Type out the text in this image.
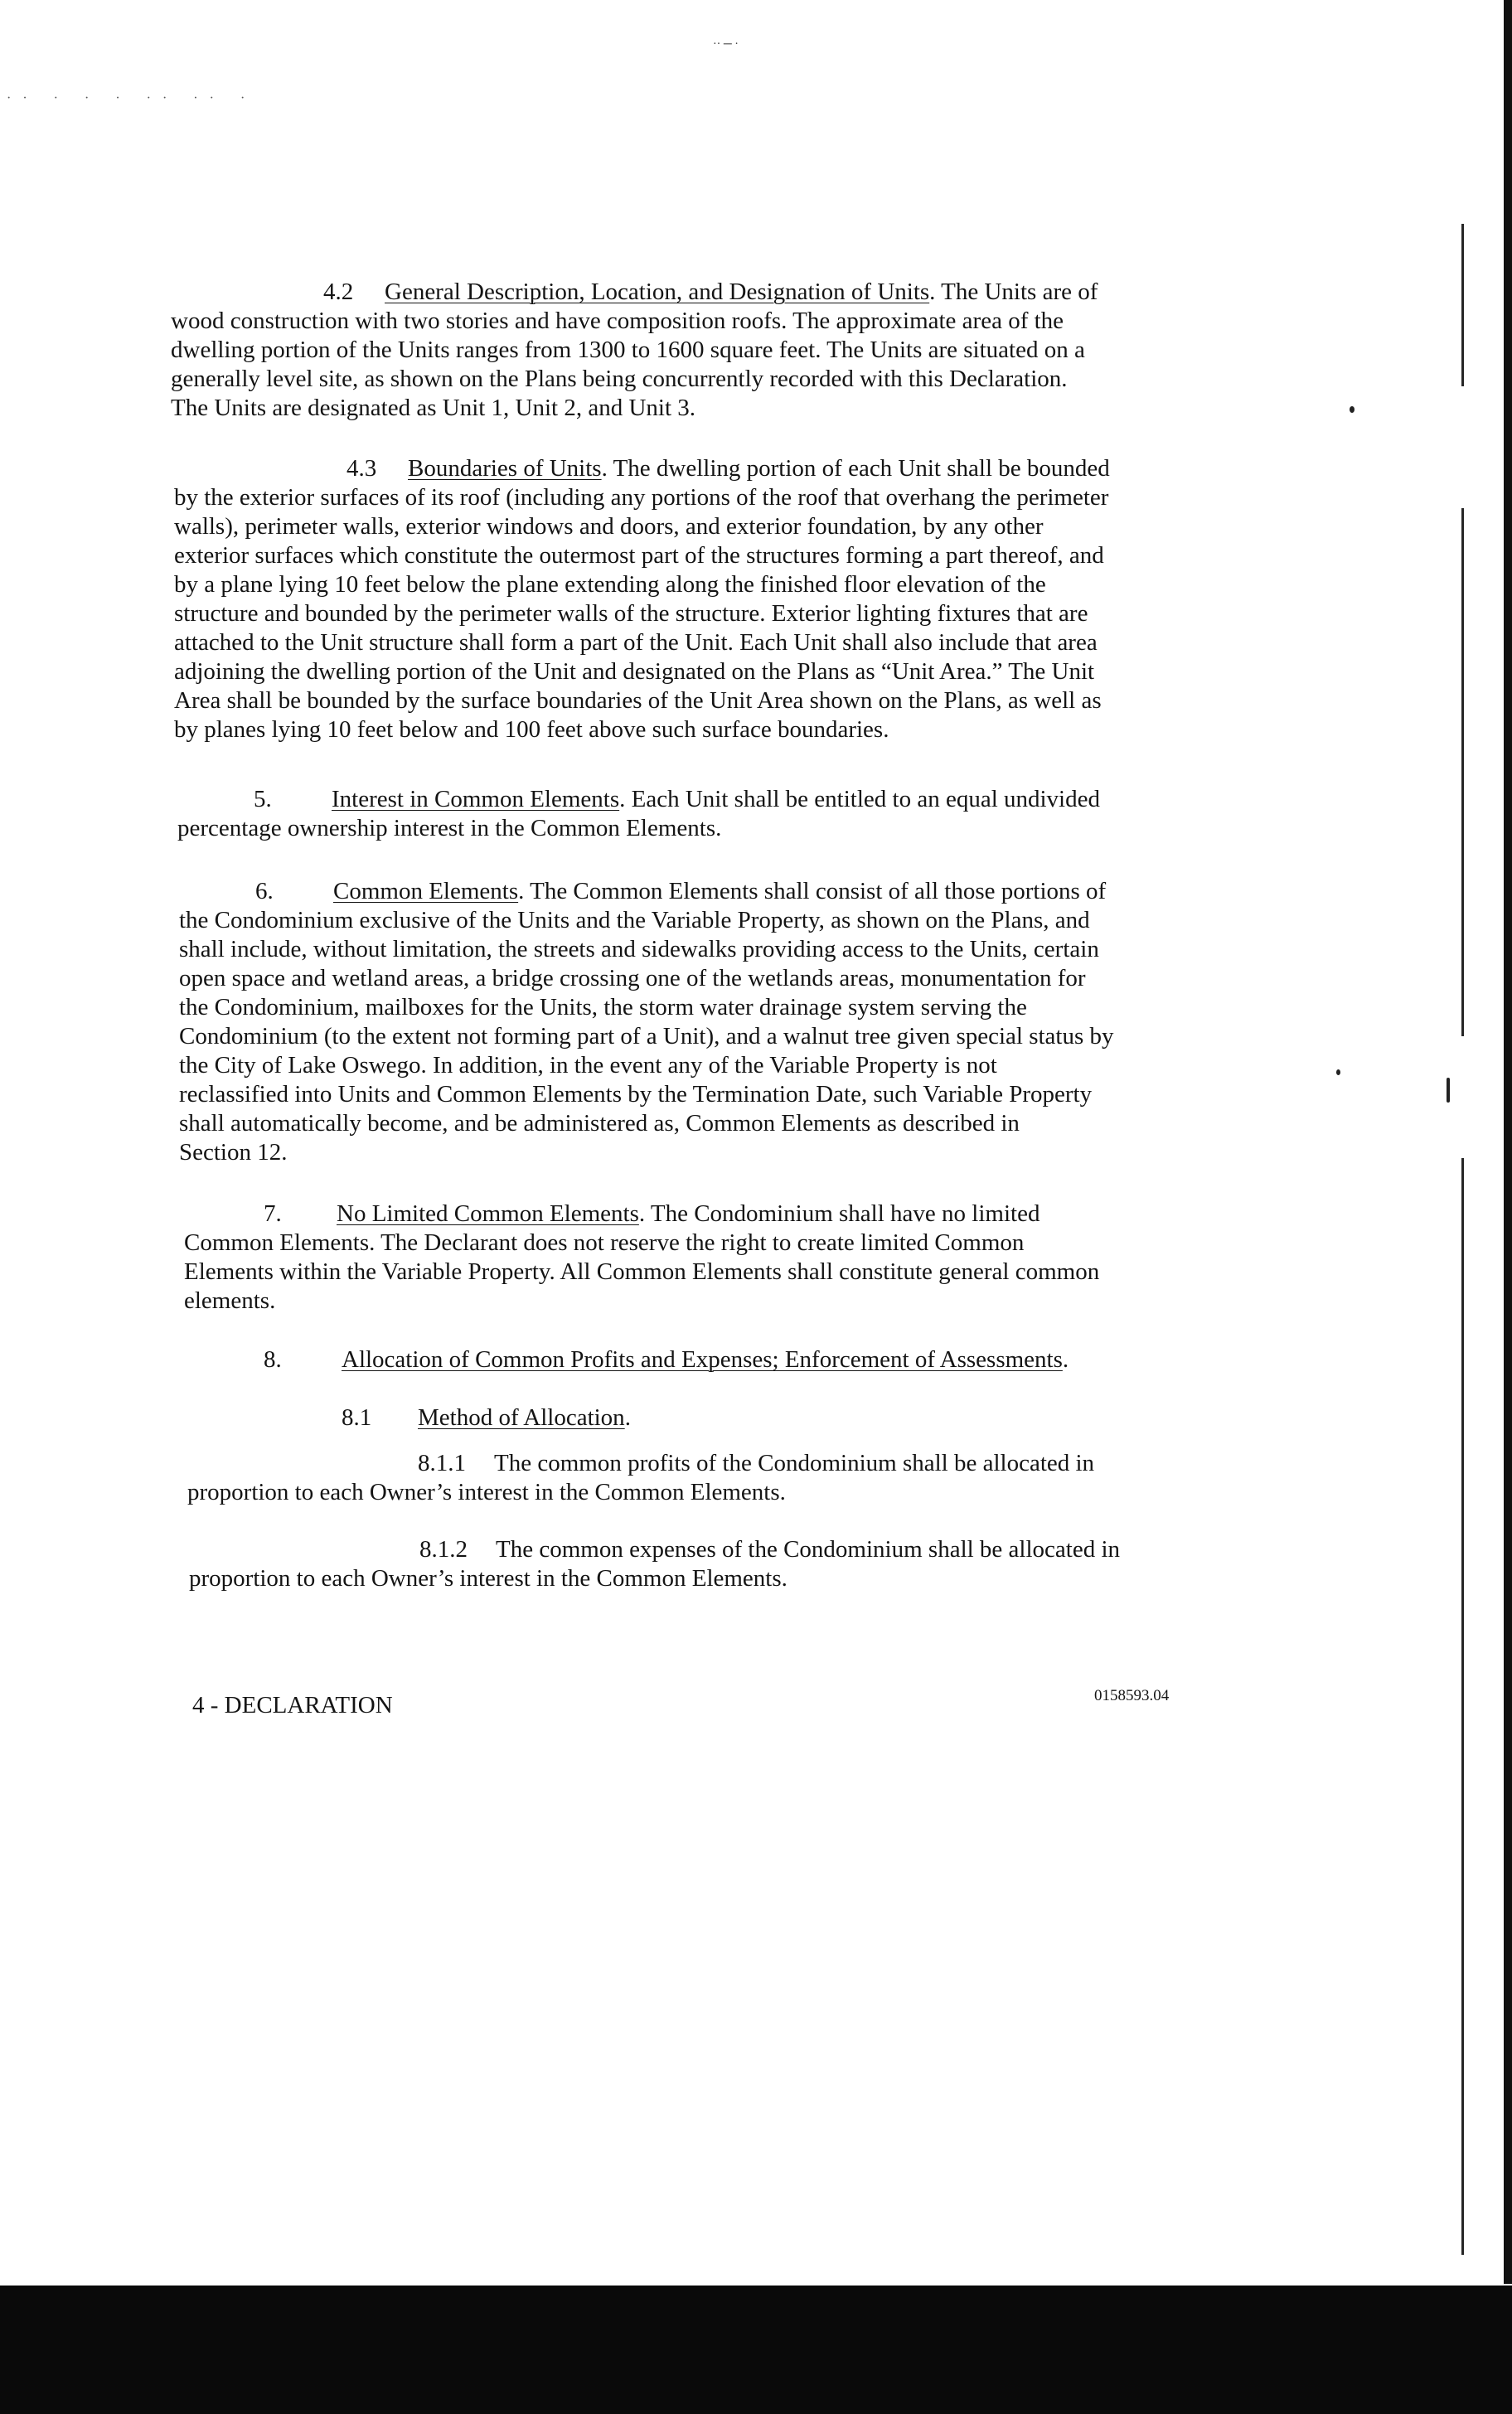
·· ─ ·
·· · · · ·· ·· ·
4.2 General Description, Location, and Designation of Units. The Units are of
wood construction with two stories and have composition roofs. The approximate area of the
dwelling portion of the Units ranges from 1300 to 1600 square feet. The Units are situated on a
generally level site, as shown on the Plans being concurrently recorded with this Declaration.
The Units are designated as Unit 1, Unit 2, and Unit 3.
4.3 Boundaries of Units. The dwelling portion of each Unit shall be bounded
by the exterior surfaces of its roof (including any portions of the roof that overhang the perimeter
walls), perimeter walls, exterior windows and doors, and exterior foundation, by any other
exterior surfaces which constitute the outermost part of the structures forming a part thereof, and
by a plane lying 10 feet below the plane extending along the finished floor elevation of the
structure and bounded by the perimeter walls of the structure. Exterior lighting fixtures that are
attached to the Unit structure shall form a part of the Unit. Each Unit shall also include that area
adjoining the dwelling portion of the Unit and designated on the Plans as “Unit Area.” The Unit
Area shall be bounded by the surface boundaries of the Unit Area shown on the Plans, as well as
by planes lying 10 feet below and 100 feet above such surface boundaries.
5. Interest in Common Elements. Each Unit shall be entitled to an equal undivided
percentage ownership interest in the Common Elements.
6. Common Elements. The Common Elements shall consist of all those portions of
the Condominium exclusive of the Units and the Variable Property, as shown on the Plans, and
shall include, without limitation, the streets and sidewalks providing access to the Units, certain
open space and wetland areas, a bridge crossing one of the wetlands areas, monumentation for
the Condominium, mailboxes for the Units, the storm water drainage system serving the
Condominium (to the extent not forming part of a Unit), and a walnut tree given special status by
the City of Lake Oswego. In addition, in the event any of the Variable Property is not
reclassified into Units and Common Elements by the Termination Date, such Variable Property
shall automatically become, and be administered as, Common Elements as described in
Section 12.
7. No Limited Common Elements. The Condominium shall have no limited
Common Elements. The Declarant does not reserve the right to create limited Common
Elements within the Variable Property. All Common Elements shall constitute general common
elements.
8. Allocation of Common Profits and Expenses; Enforcement of Assessments.
8.1 Method of Allocation.
8.1.1 The common profits of the Condominium shall be allocated in
proportion to each Owner’s interest in the Common Elements.
8.1.2 The common expenses of the Condominium shall be allocated in
proportion to each Owner’s interest in the Common Elements.
4 - DECLARATION	0158593.04
